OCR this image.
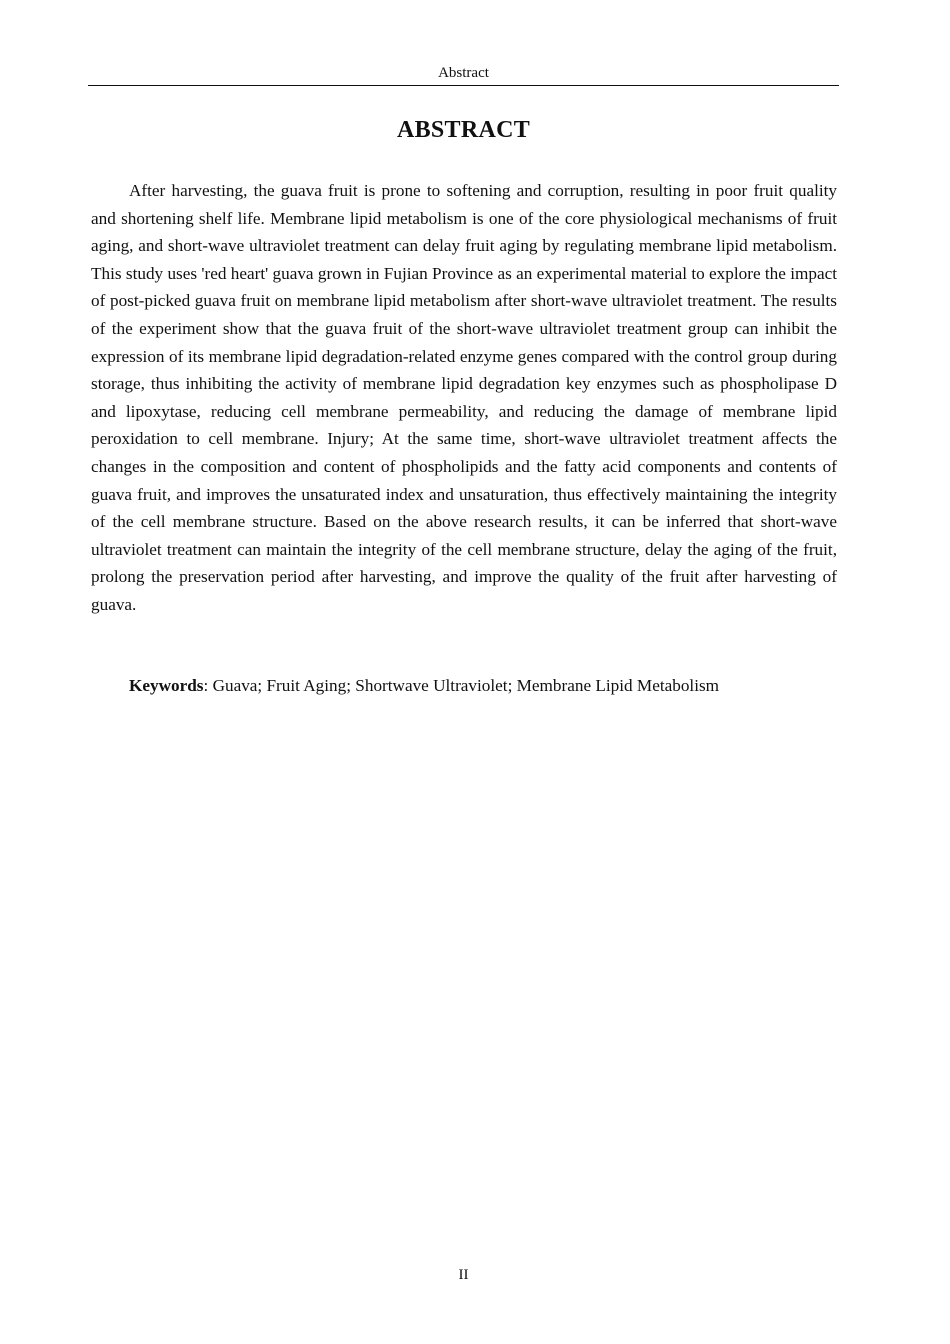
Abstract
ABSTRACT

After harvesting, the guava fruit is prone to softening and corruption, resulting in poor fruit quality and shortening shelf life. Membrane lipid metabolism is one of the core physiological mechanisms of fruit aging, and short-wave ultraviolet treatment can delay fruit aging by regulating membrane lipid metabolism. This study uses 'red heart' guava grown in Fujian Province as an experimental material to explore the impact of post-picked guava fruit on membrane lipid metabolism after short-wave ultraviolet treatment. The results of the experiment show that the guava fruit of the short-wave ultraviolet treatment group can inhibit the expression of its membrane lipid degradation-related enzyme genes compared with the control group during storage, thus inhibiting the activity of membrane lipid degradation key enzymes such as phospholipase D and lipoxytase, reducing cell membrane permeability, and reducing the damage of membrane lipid peroxidation to cell membrane. Injury; At the same time, short-wave ultraviolet treatment affects the changes in the composition and content of phospholipids and the fatty acid components and contents of guava fruit, and improves the unsaturated index and unsaturation, thus effectively maintaining the integrity of the cell membrane structure. Based on the above research results, it can be inferred that short-wave ultraviolet treatment can maintain the integrity of the cell membrane structure, delay the aging of the fruit, prolong the preservation period after harvesting, and improve the quality of the fruit after harvesting of guava.

Keywords: Guava; Fruit Aging; Shortwave Ultraviolet; Membrane Lipid Metabolism

II
